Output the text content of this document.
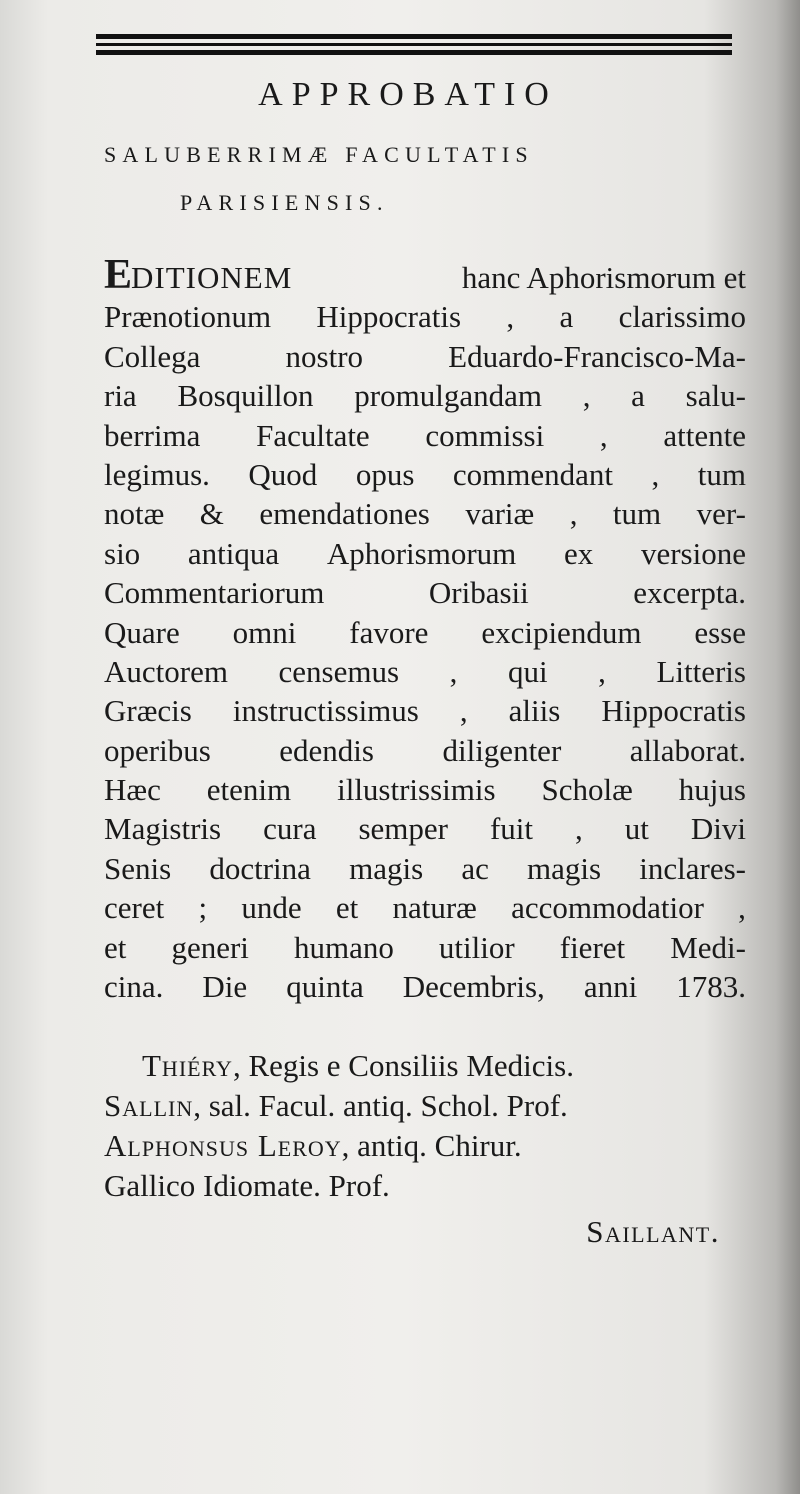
APPROBATIO
SALUBERRIMÆ FACULTATIS
PARISIENSIS.
EDITIONEM	hanc Aphorismorum et
Prænotionum Hippocratis , a clarissimo
Collega	nostro	Eduardo-Francisco-Ma-
ria Bosquillon promulgandam , a salu-
berrima Facultate commissi , attente
legimus. Quod opus commendant , tum
notæ & emendationes variæ , tum ver-
sio antiqua Aphorismorum ex versione
Commentariorum	Oribasii	excerpta.
Quare omni favore excipiendum esse
Auctorem censemus , qui , Litteris
Græcis instructissimus , aliis Hippocratis
operibus edendis diligenter allaborat.
Hæc etenim illustrissimis Scholæ hujus
Magistris cura semper fuit , ut Divi
Senis doctrina magis ac magis inclares-
ceret ; unde et naturæ accommodatior ,
et generi humano utilior fieret Medi-
cina. Die quinta Decembris, anni 1783.
Thiéry, Regis e Consiliis Medicis.
Sallin, sal. Facul. antiq. Schol. Prof.
Alphonsus Leroy, antiq. Chirur.
Gallico Idiomate. Prof.
Saillant.
